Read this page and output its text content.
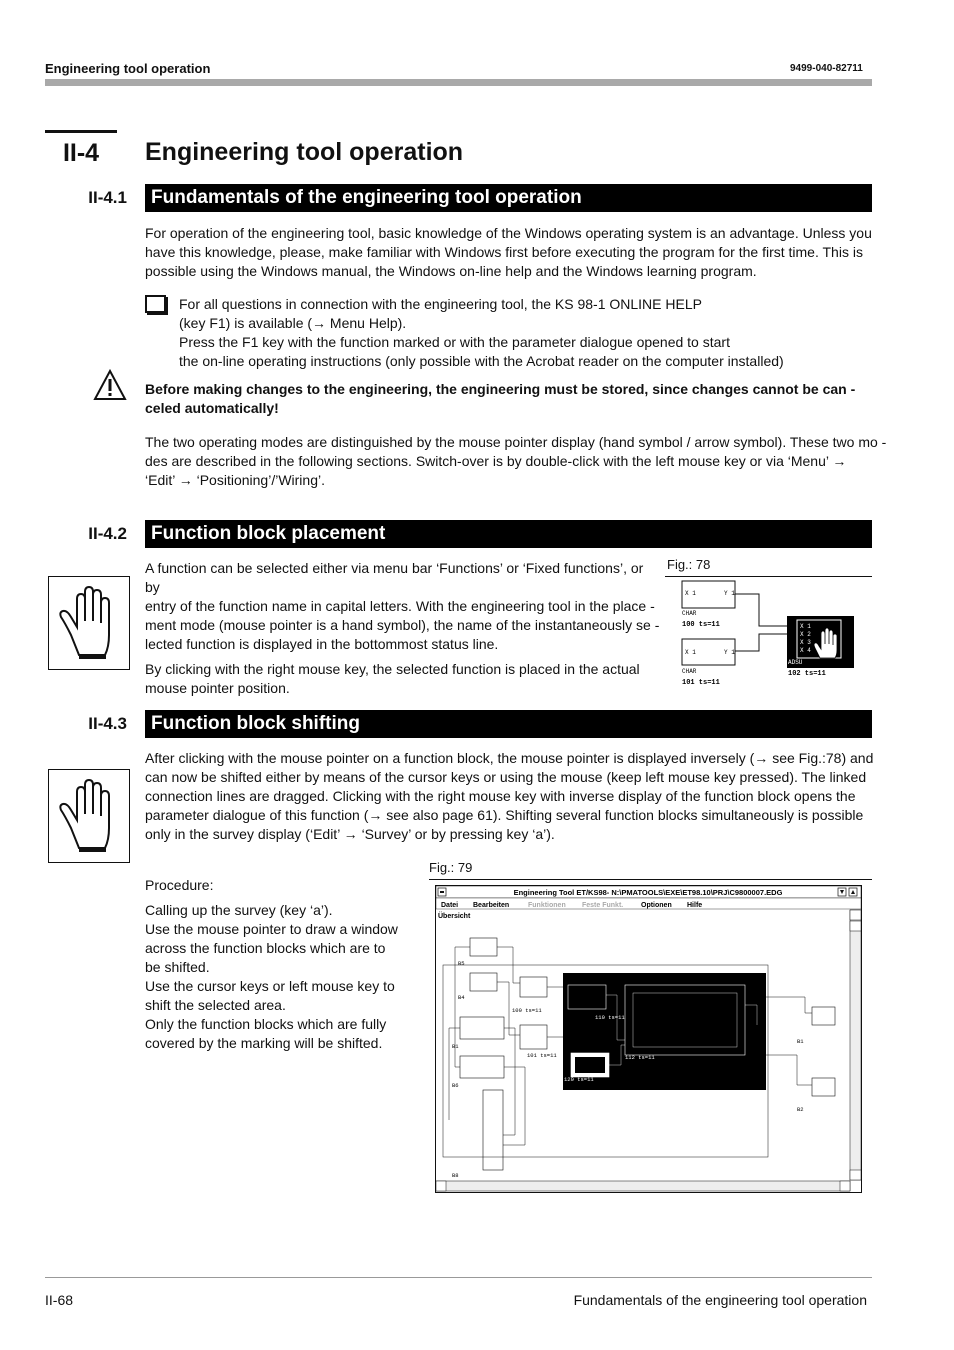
Engineering tool operation	9499-040-82711
II-4	Engineering tool operation
II-4.1	Fundamentals of the engineering tool operation
For operation of the engineering tool, basic knowledge of the Windows operating system is an advantage. Unless you
have this knowledge, please, make familiar with Windows first before executing the program for the first time. This is
possible using the Windows manual, the Windows on-line help and the Windows learning program.
For all questions in connection with the engineering tool, the KS 98-1 ONLINE HELP
(key F1) is available (→ Menu Help).
Press the F1 key with the function marked or with the parameter dialogue opened to start
the on-line operating instructions (only possible with the Acrobat reader on the computer installed)
Before making changes to the engineering, the engineering must be stored, since changes cannot be can -
celed automatically!
The two operating modes are distinguished by the mouse pointer display (hand symbol / arrow symbol). These two mo -
des are described in the following sections. Switch-over is by double-click with the left mouse key or via ‘Menu’ →
‘Edit’ → ‘Positioning’/’Wiring’.
II-4.2	Function block placement
A function can be selected either via menu bar ‘Functions’ or ‘Fixed functions’, or by
entry of the function name in capital letters. With the engineering tool in the place -
ment mode (mouse pointer is a hand symbol), the name of the instantaneously se -
lected function is displayed in the bottommost status line.
By clicking with the right mouse key, the selected function is placed in the actual
mouse pointer position.
Fig.: 78
X 1	Y 1
CHAR
100 ts=11
X 1	Y 1
CHAR
101 ts=11
X 1
X 2
X 3
X 4
ADSU
102 ts=11
II-4.3	Function block shifting
After clicking with the mouse pointer on a function block, the mouse pointer is displayed inversely (→ see Fig.:78) and
can now be shifted either by means of the cursor keys or using the mouse (keep left mouse key pressed). The linked
connection lines are dragged. Clicking with the right mouse key with inverse display of the function block opens the
parameter dialogue of this function (→ see also page 61). Shifting several function blocks simultaneously is possible
only in the survey display (‘Edit’ → ‘Survey’ or by pressing key ‘a’).
Procedure:
Calling up the survey (key ‘a’).
Use the mouse pointer to draw a window
across the function blocks which are to
be shifted.
Use the cursor keys or left mouse key to
shift the selected area.
Only the function blocks which are fully
covered by the marking will be shifted.
Fig.: 79
Engineering Tool ET/KS98- N:\PMATOOLS\EXE\ET98.10\PRJ\C9800007.EDG
Datei Bearbeiten	Funktionen Feste Funkt.	Optionen Hilfe
Übersicht
B5
B4
B1
B6
100 ts=11
101 ts=11
120 ts=11
110 ts=11
112 ts=11
B1
B2
B8
II-68	Fundamentals of the engineering tool operation
